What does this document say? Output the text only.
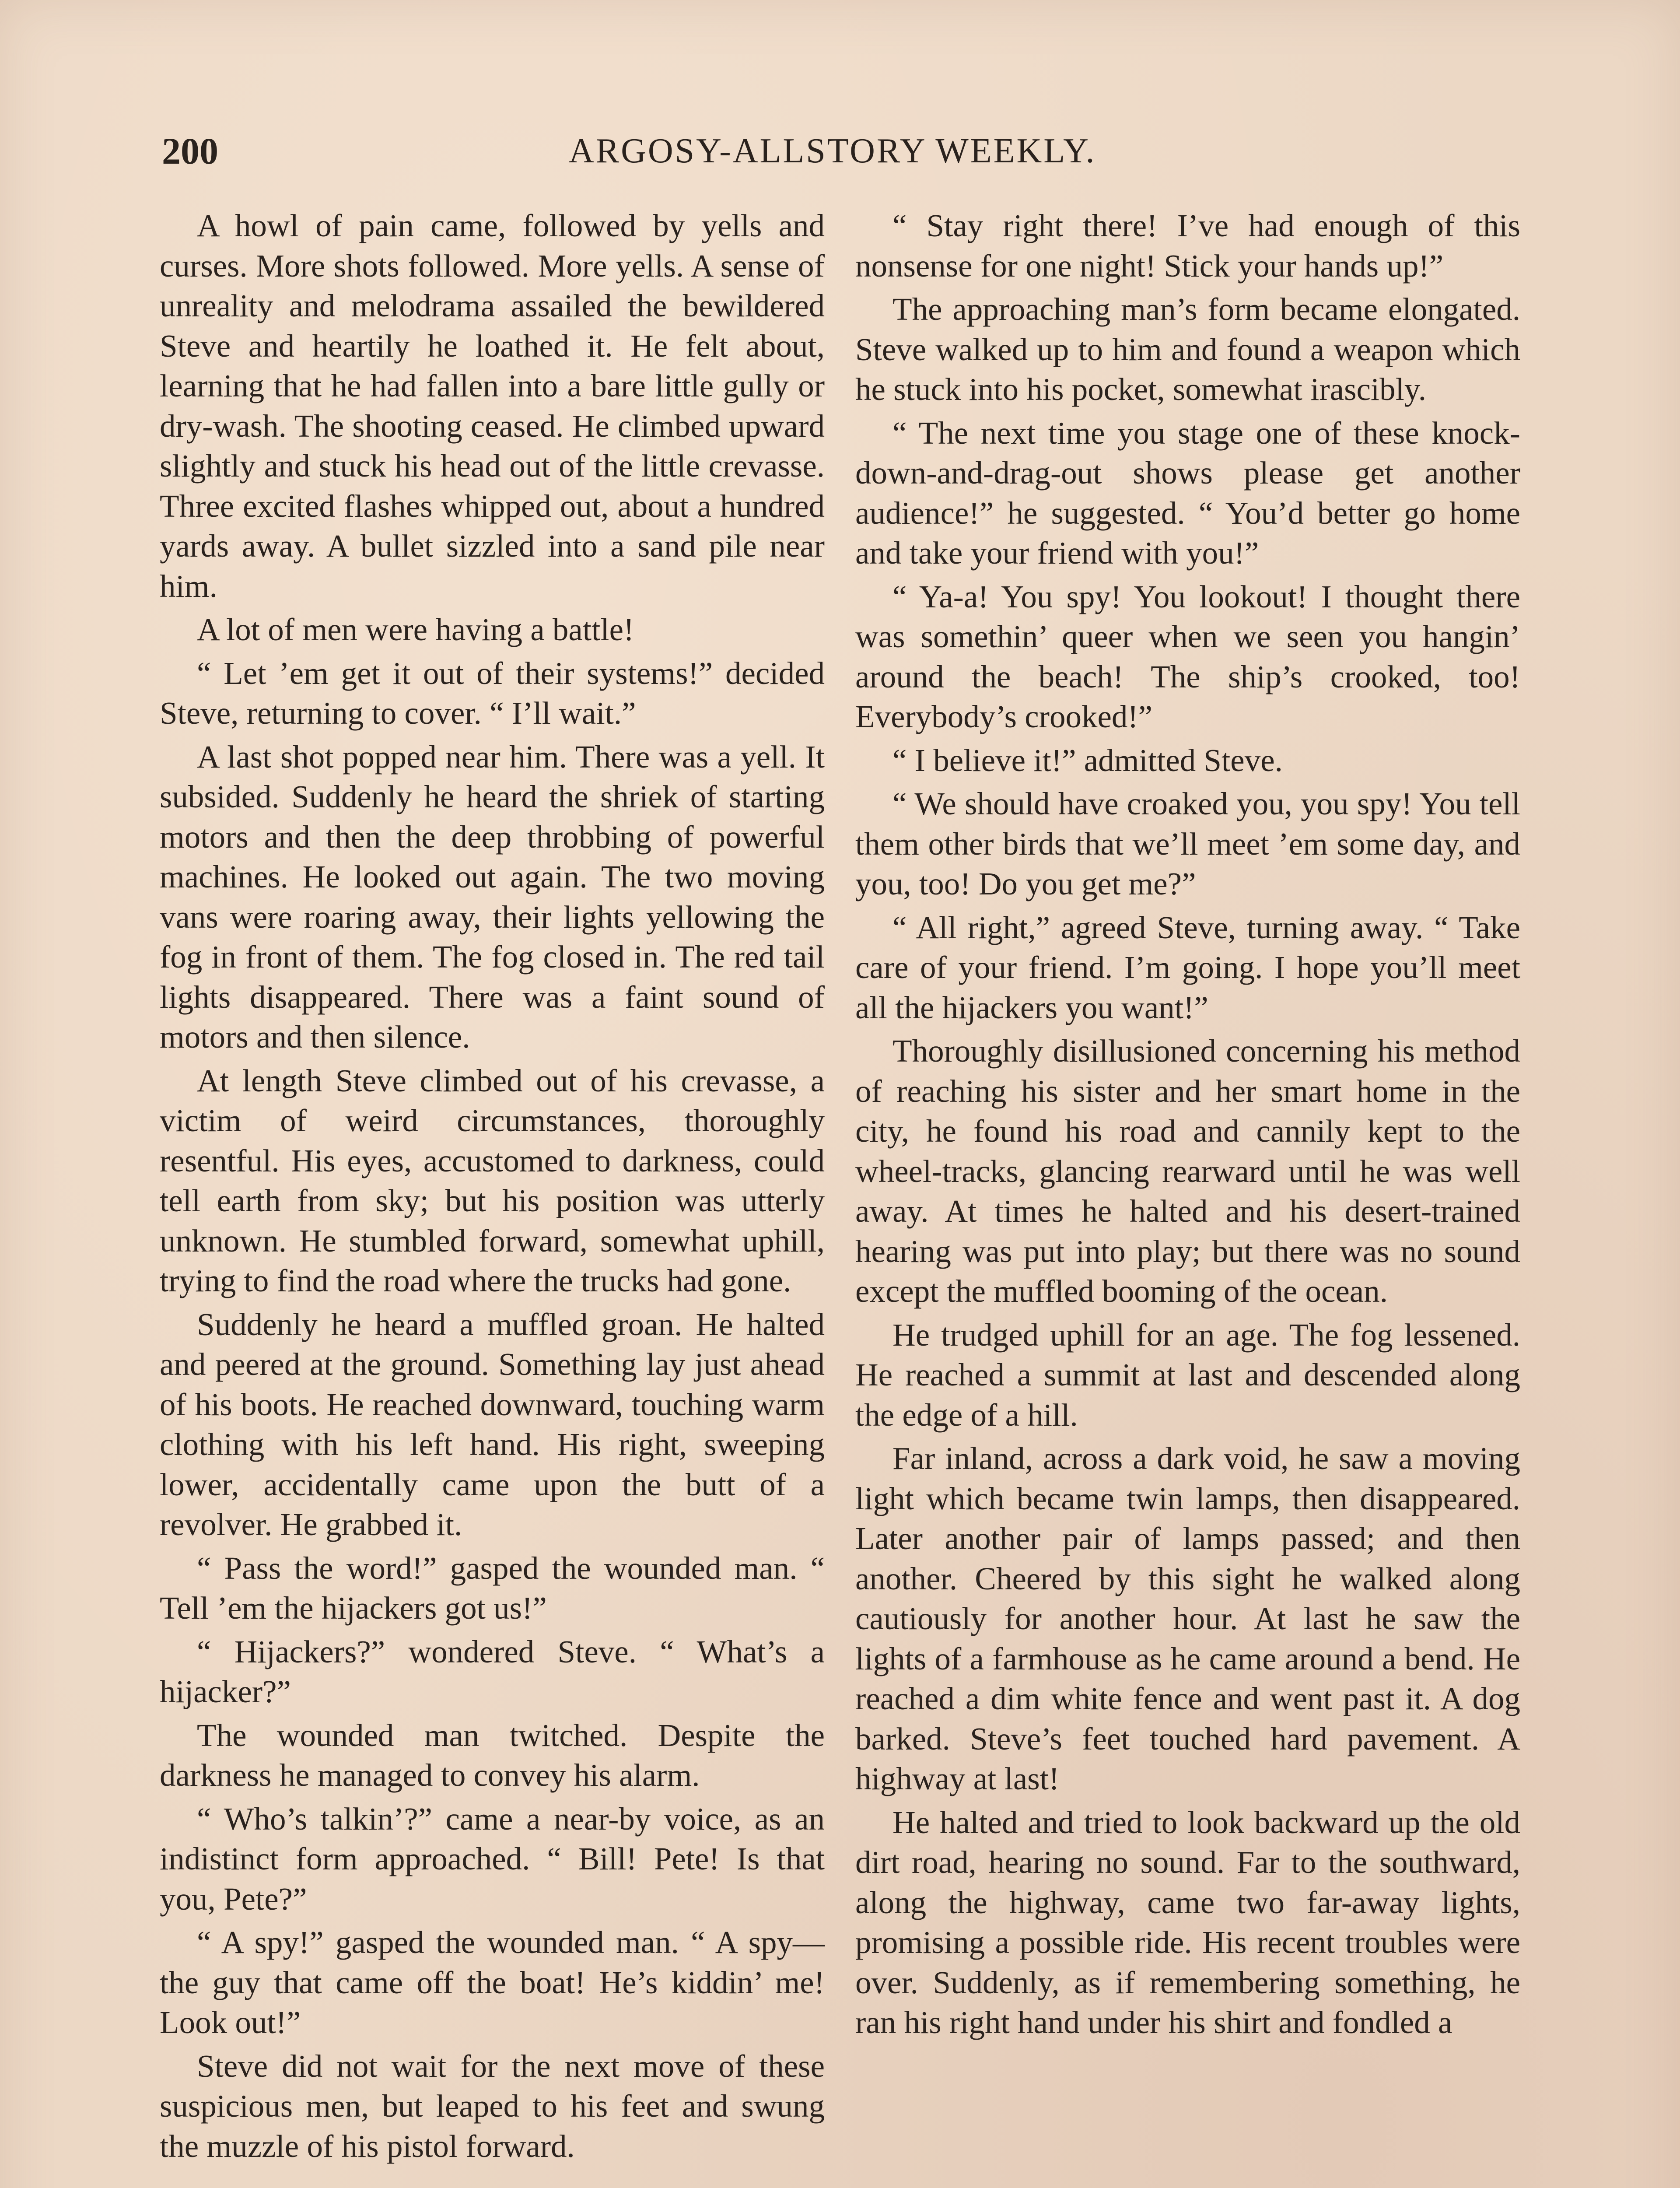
200	ARGOSY-ALLSTORY WEEKLY.

A howl of pain came, followed by yells and curses. More shots followed. More yells. A sense of unreality and melodrama assailed the bewildered Steve and heartily he loathed it. He felt about, learning that he had fallen into a bare little gully or dry-wash. The shooting ceased. He climbed upward slightly and stuck his head out of the little crevasse. Three excited flashes whipped out, about a hundred yards away. A bullet sizzled into a sand pile near him.

A lot of men were having a battle!

“ Let ’em get it out of their systems!” decided Steve, returning to cover. “ I’ll wait.”

A last shot popped near him. There was a yell. It subsided. Suddenly he heard the shriek of starting motors and then the deep throbbing of powerful machines. He looked out again. The two moving vans were roaring away, their lights yellowing the fog in front of them. The fog closed in. The red tail lights disappeared. There was a faint sound of motors and then silence.

At length Steve climbed out of his crevasse, a victim of weird circumstances, thoroughly resentful. His eyes, accustomed to darkness, could tell earth from sky; but his position was utterly unknown. He stumbled forward, somewhat uphill, trying to find the road where the trucks had gone.

Suddenly he heard a muffled groan. He halted and peered at the ground. Something lay just ahead of his boots. He reached downward, touching warm clothing with his left hand. His right, sweeping lower, accidentally came upon the butt of a revolver. He grabbed it.

“ Pass the word!” gasped the wounded man. “ Tell ’em the hijackers got us!”

“ Hijackers?” wondered Steve. “ What’s a hijacker?”

The wounded man twitched. Despite the darkness he managed to convey his alarm.

“ Who’s talkin’?” came a near-by voice, as an indistinct form approached. “ Bill! Pete! Is that you, Pete?”

“ A spy!” gasped the wounded man. “ A spy—the guy that came off the boat! He’s kiddin’ me! Look out!”

Steve did not wait for the next move of these suspicious men, but leaped to his feet and swung the muzzle of his pistol forward.

“ Stay right there! I’ve had enough of this nonsense for one night! Stick your hands up!”

The approaching man’s form became elongated. Steve walked up to him and found a weapon which he stuck into his pocket, somewhat irascibly.

“ The next time you stage one of these knock-down-and-drag-out shows please get another audience!” he suggested. “ You’d better go home and take your friend with you!”

“ Ya-a! You spy! You lookout! I thought there was somethin’ queer when we seen you hangin’ around the beach! The ship’s crooked, too! Everybody’s crooked!”

“ I believe it!” admitted Steve.

“ We should have croaked you, you spy! You tell them other birds that we’ll meet ’em some day, and you, too! Do you get me?”

“ All right,” agreed Steve, turning away. “ Take care of your friend. I’m going. I hope you’ll meet all the hijackers you want!”

Thoroughly disillusioned concerning his method of reaching his sister and her smart home in the city, he found his road and cannily kept to the wheel-tracks, glancing rearward until he was well away. At times he halted and his desert-trained hearing was put into play; but there was no sound except the muffled booming of the ocean.

He trudged uphill for an age. The fog lessened. He reached a summit at last and descended along the edge of a hill.

Far inland, across a dark void, he saw a moving light which became twin lamps, then disappeared. Later another pair of lamps passed; and then another. Cheered by this sight he walked along cautiously for another hour. At last he saw the lights of a farmhouse as he came around a bend. He reached a dim white fence and went past it. A dog barked. Steve’s feet touched hard pavement. A highway at last!

He halted and tried to look backward up the old dirt road, hearing no sound. Far to the southward, along the highway, came two far-away lights, promising a possible ride. His recent troubles were over. Suddenly, as if remembering something, he ran his right hand under his shirt and fondled a
